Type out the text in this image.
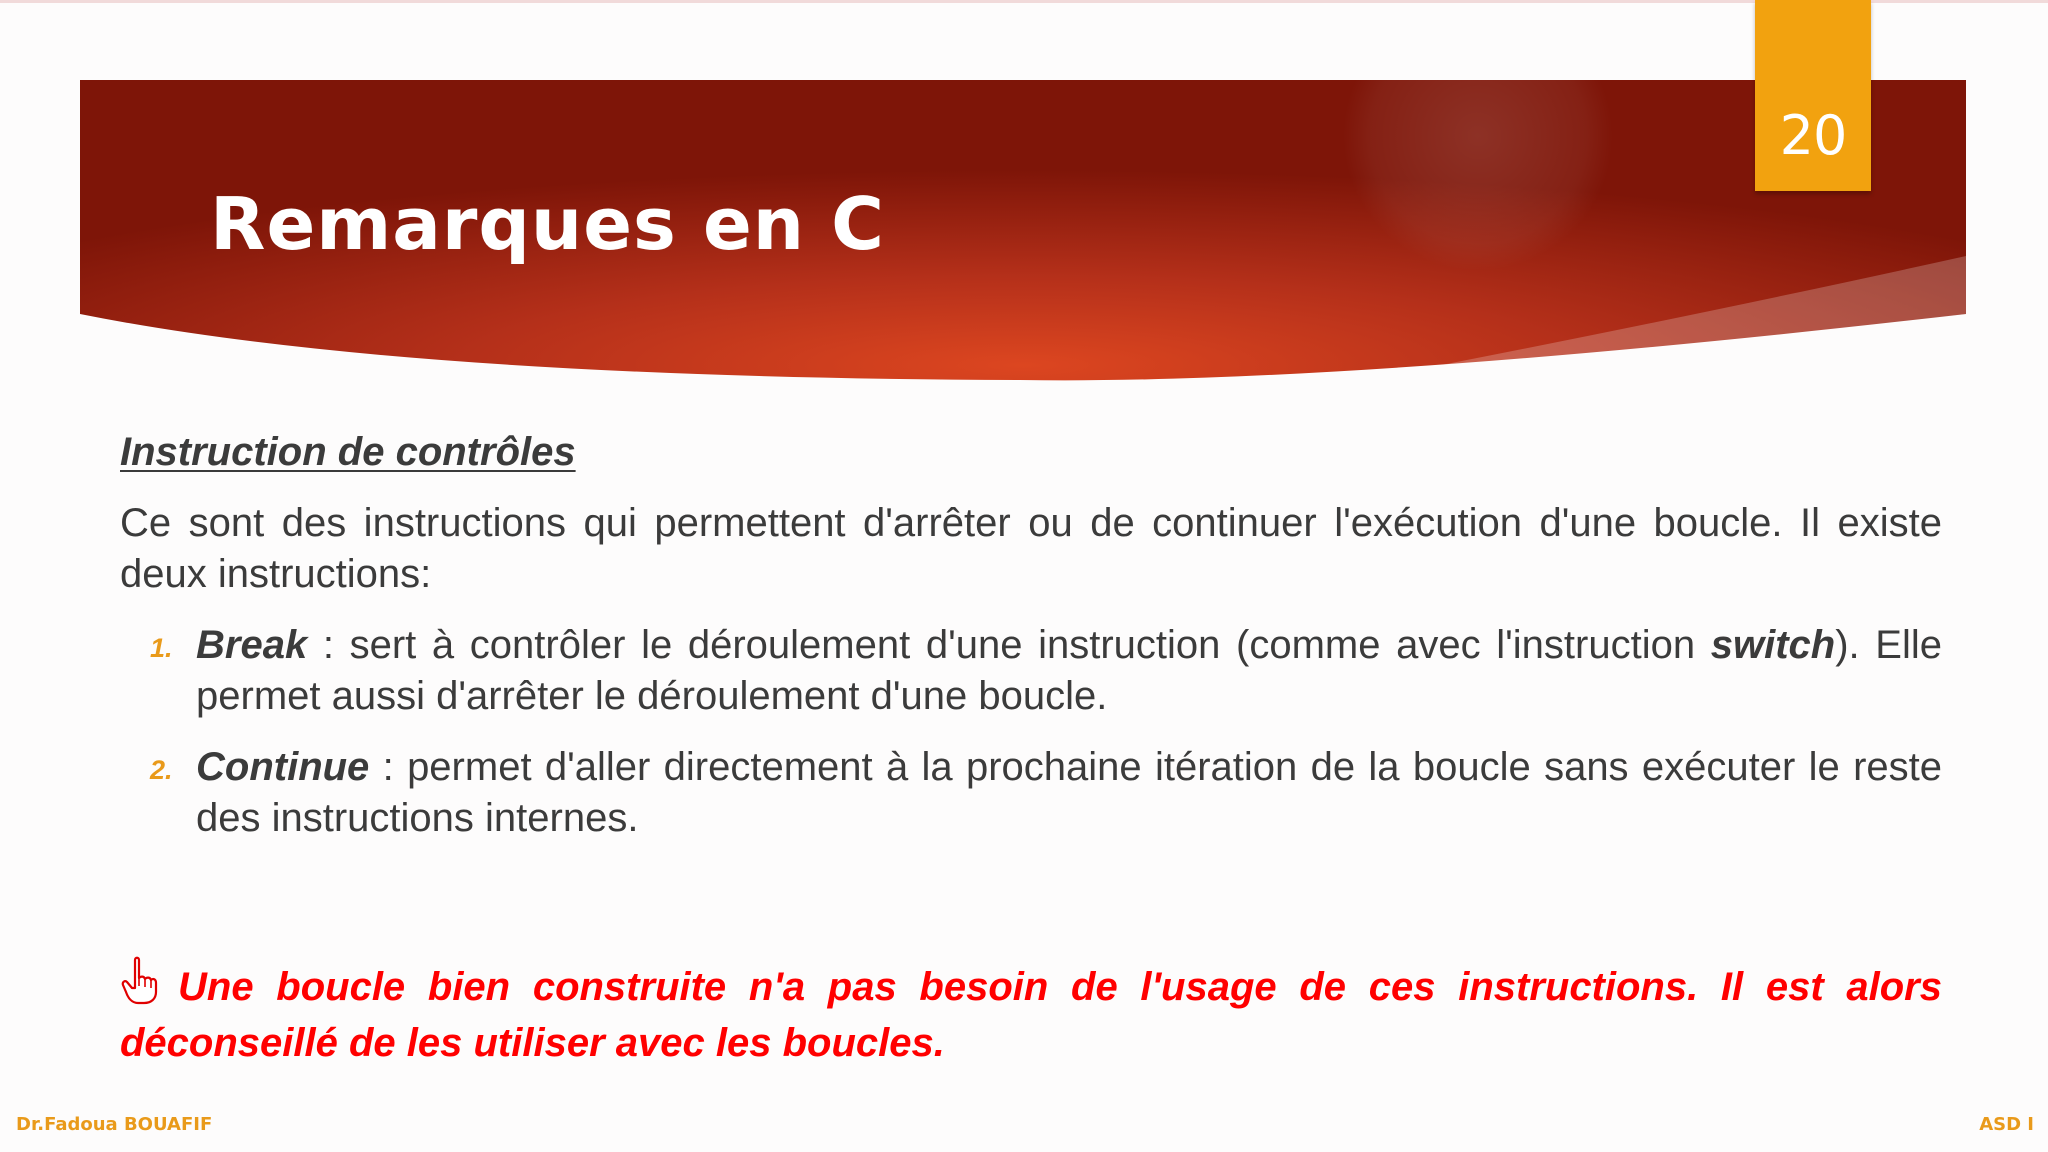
20
Remarques en C

Instruction de contrôles

Ce sont des instructions qui permettent d'arrêter ou de continuer l'exécution d'une boucle. Il existe deux instructions:

1. Break : sert à contrôler le déroulement d'une instruction (comme avec l'instruction switch). Elle permet aussi d'arrêter le déroulement d'une boucle.
2. Continue : permet d'aller directement à la prochaine itération de la boucle sans exécuter le reste des instructions internes.

Une boucle bien construite n'a pas besoin de l'usage de ces instructions. Il est alors déconseillé de les utiliser avec les boucles.

Dr.Fadoua BOUAFIF	ASD I
